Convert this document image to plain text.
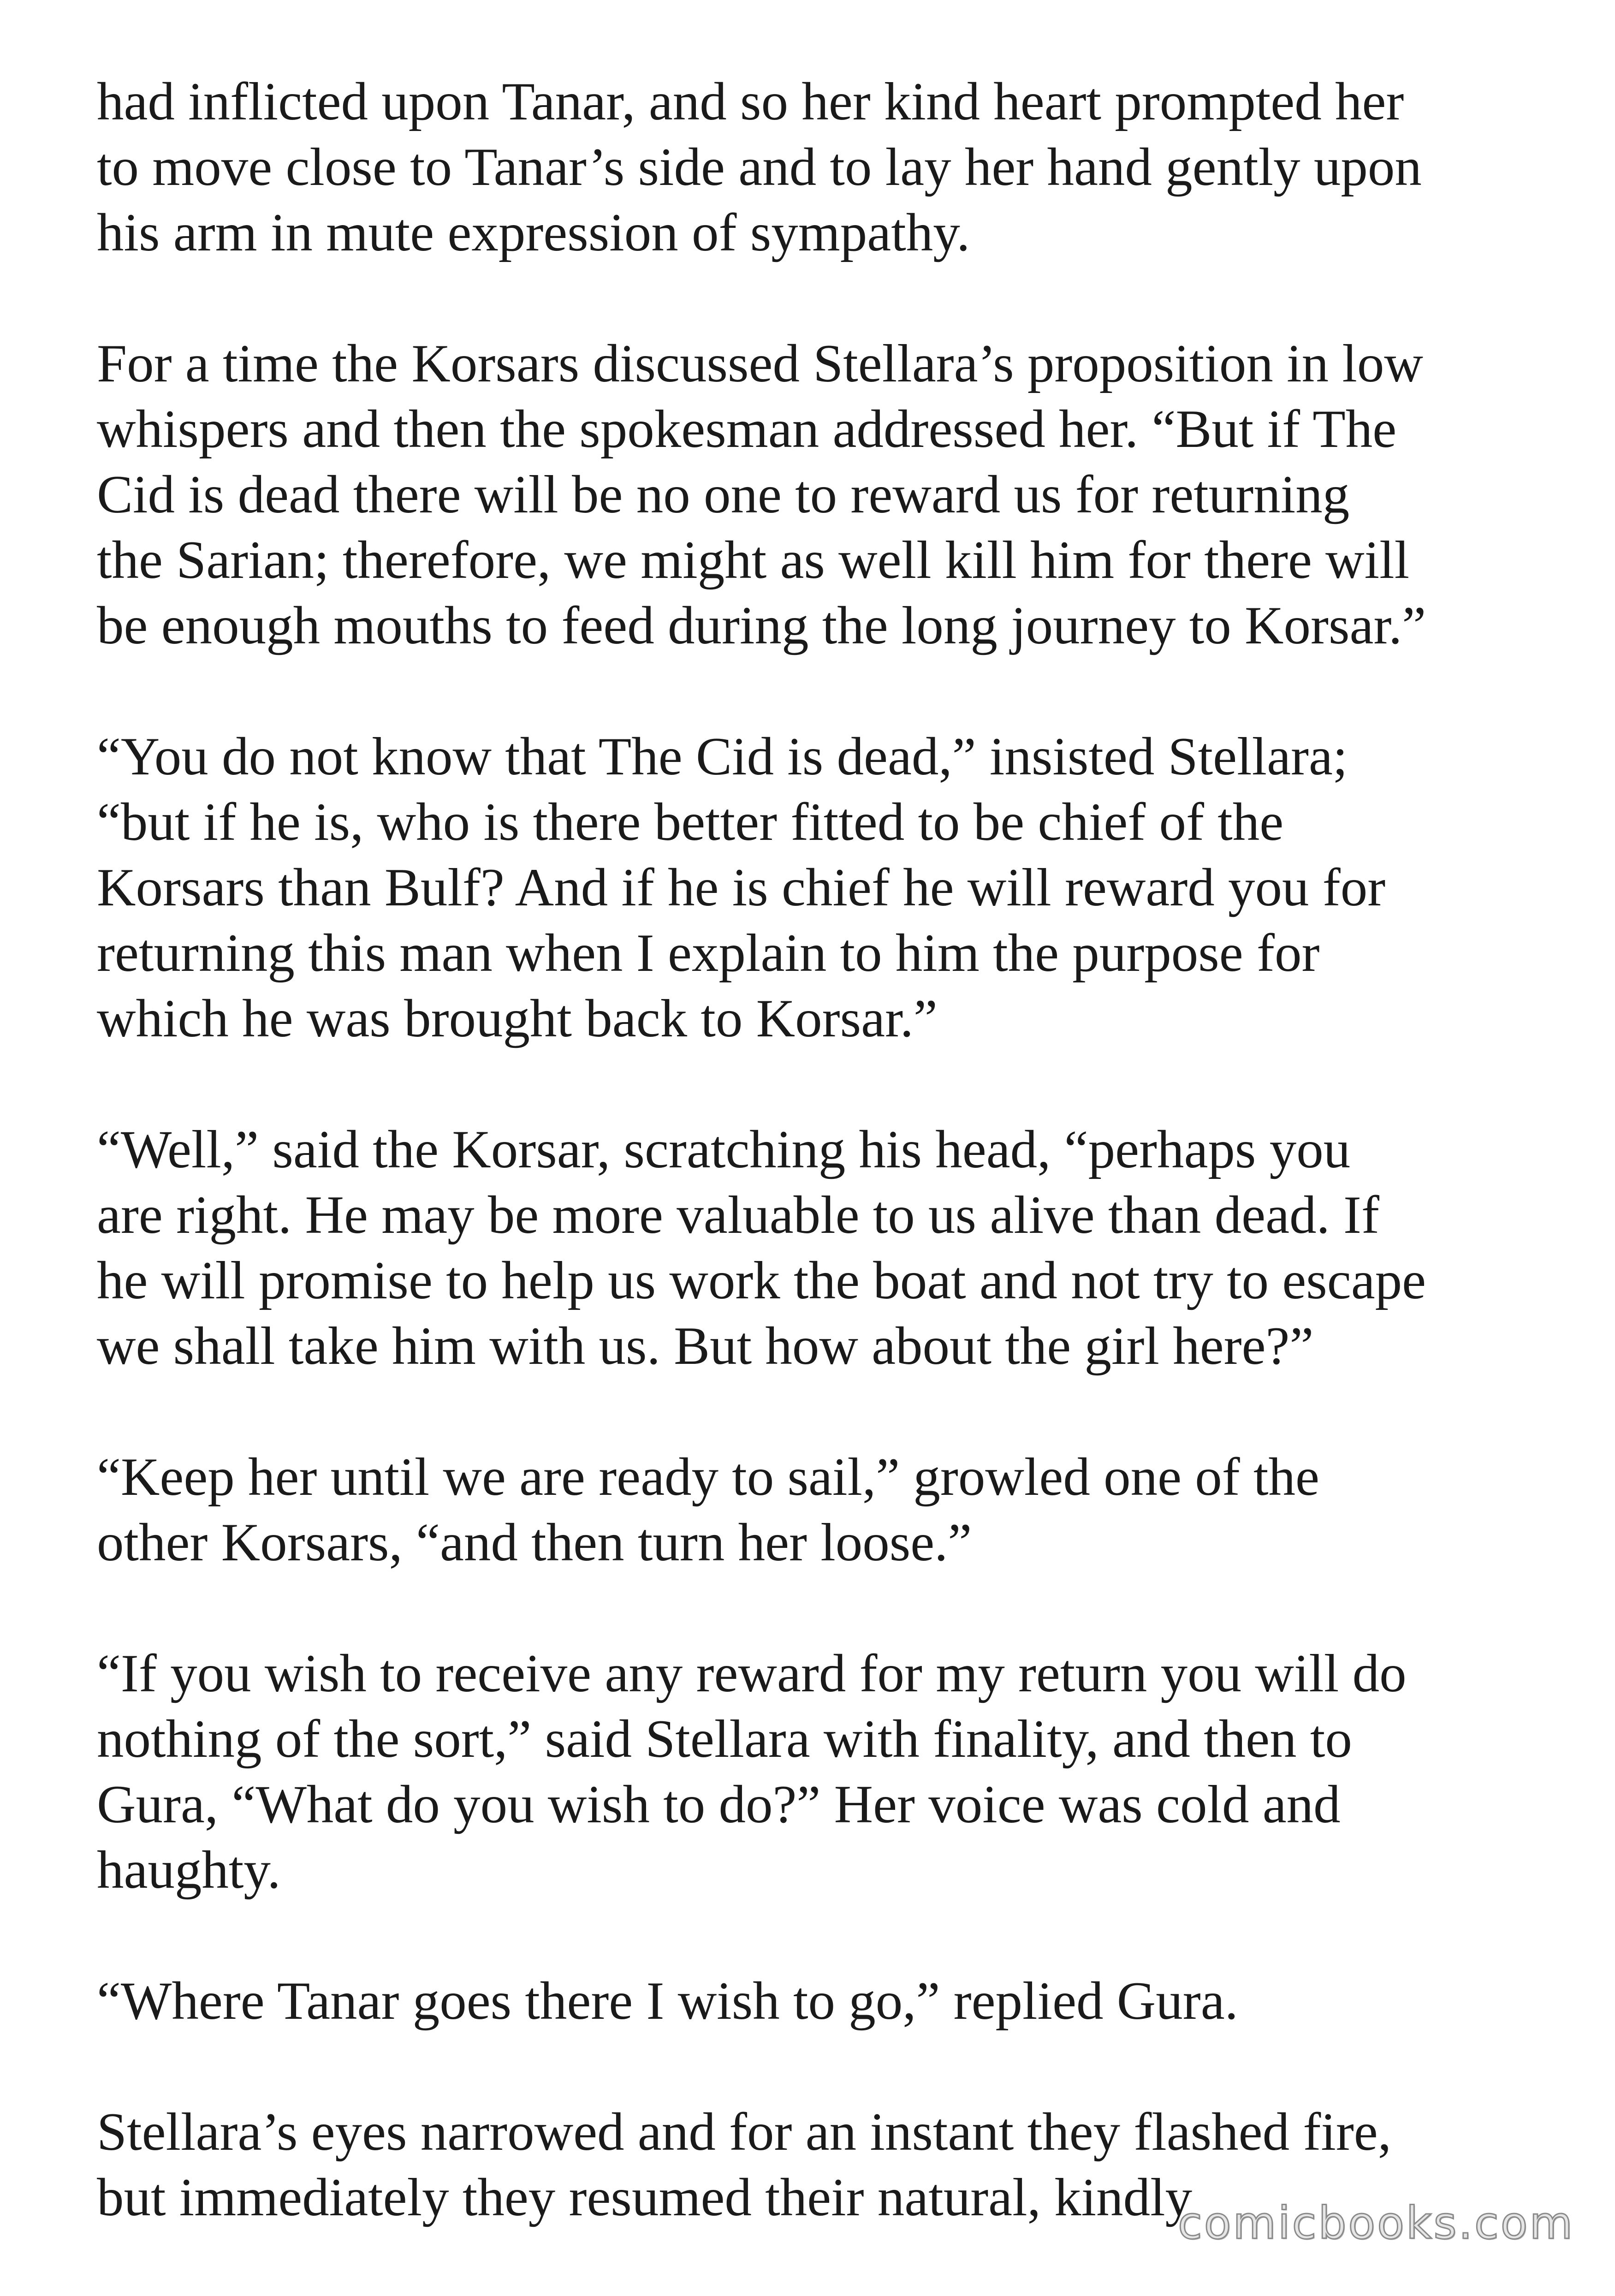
had inflicted upon Tanar, and so her kind heart prompted her
to move close to Tanar’s side and to lay her hand gently upon
his arm in mute expression of sympathy.

For a time the Korsars discussed Stellara’s proposition in low
whispers and then the spokesman addressed her. “But if The
Cid is dead there will be no one to reward us for returning
the Sarian; therefore, we might as well kill him for there will
be enough mouths to feed during the long journey to Korsar.”

“You do not know that The Cid is dead,” insisted Stellara;
“but if he is, who is there better fitted to be chief of the
Korsars than Bulf? And if he is chief he will reward you for
returning this man when I explain to him the purpose for
which he was brought back to Korsar.”

“Well,” said the Korsar, scratching his head, “perhaps you
are right. He may be more valuable to us alive than dead. If
he will promise to help us work the boat and not try to escape
we shall take him with us. But how about the girl here?”

“Keep her until we are ready to sail,” growled one of the
other Korsars, “and then turn her loose.”

“If you wish to receive any reward for my return you will do
nothing of the sort,” said Stellara with finality, and then to
Gura, “What do you wish to do?” Her voice was cold and
haughty.

“Where Tanar goes there I wish to go,” replied Gura.

Stellara’s eyes narrowed and for an instant they flashed fire,
but immediately they resumed their natural, kindly

comicbooks.com
